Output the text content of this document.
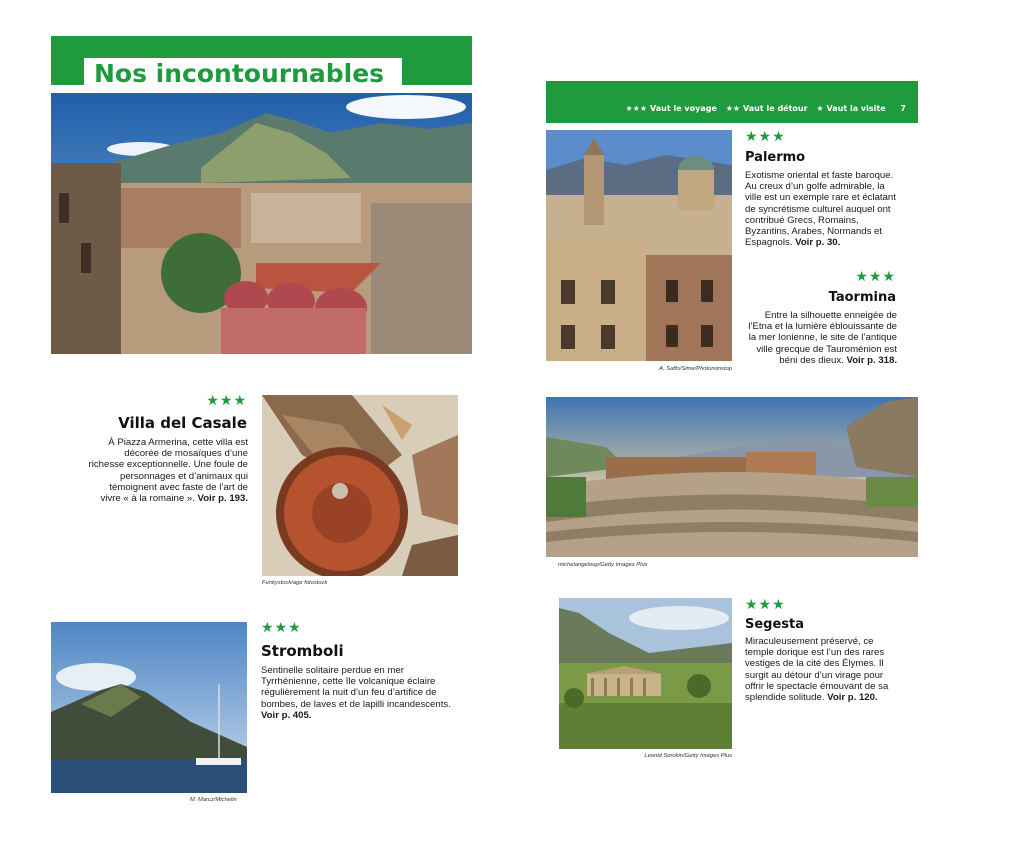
Nos incontournables
★★★
Villa del Casale
À Piazza Armerina, cette villa est décorée de mosaïques d’une richesse exceptionnelle. Une foule de personnages et d’animaux qui témoignent avec faste de l’art de vivre « à la romaine ». Voir p. 193.
Funkystock/age fotostock
M. Marcz/Michelin
★★★
Stromboli
Sentinelle solitaire perdue en mer Tyrrhénienne, cette île volcanique éclaire régulièrement la nuit d’un feu d’artifice de bombes, de laves et de lapilli incandescents. Voir p. 405.
★★★ Vaut le voyage
★★ Vaut le détour
★ Vaut la visite 7
A. Saffo/Sime/Photononstop
★★★
Palermo
Exotisme oriental et faste baroque. Au creux d’un golfe admirable, la ville est un exemple rare et éclatant de syncrétisme culturel auquel ont contribué Grecs, Romains, Byzantins, Arabes, Normands et Espagnols. Voir p. 30.
★★★
Taormina
Entre la silhouette enneigée de l’Etna et la lumière éblouissante de la mer Ionienne, le site de l’antique ville grecque de Tauroménion est béni des dieux. Voir p. 318.
michelangeloop/Getty Images Plus
Leonid Sorokin/Getty Images Plus
★★★
Segesta
Miraculeusement préservé, ce temple dorique est l’un des rares vestiges de la cité des Élymes. Il surgit au détour d’un virage pour offrir le spectacle émouvant de sa splendide solitude. Voir p. 120.
